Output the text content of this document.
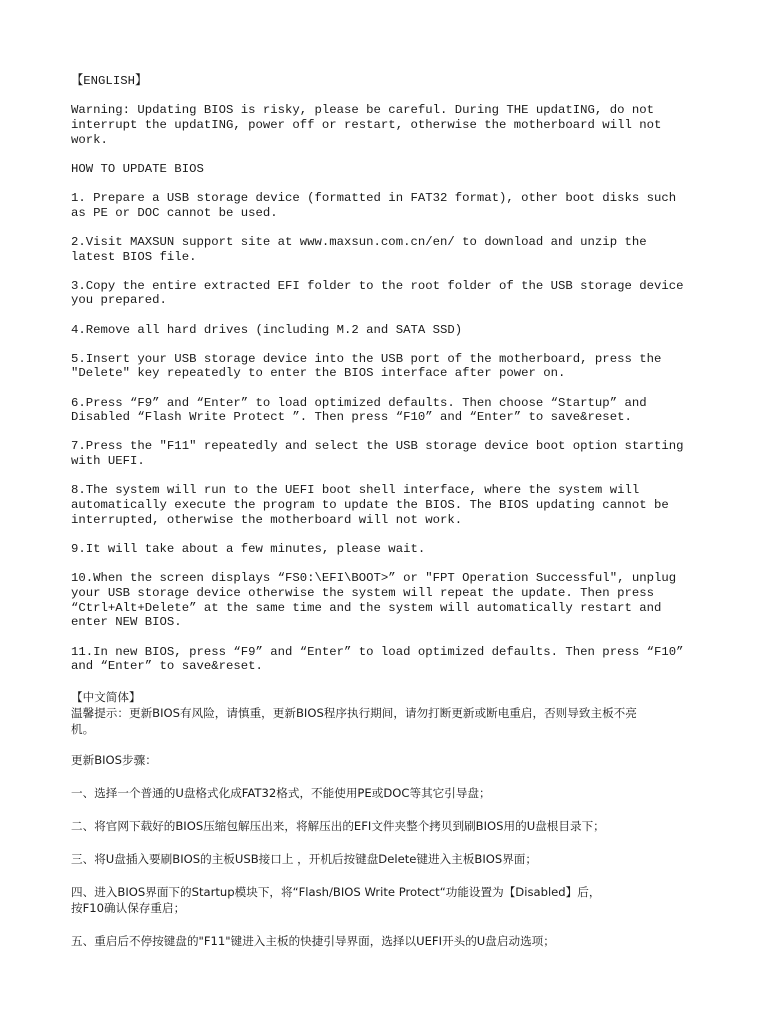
【ENGLISH】

Warning: Updating BIOS is risky, please be careful. During THE updatING, do not
interrupt the updatING, power off or restart, otherwise the motherboard will not
work.

HOW TO UPDATE BIOS

1. Prepare a USB storage device (formatted in FAT32 format), other boot disks such
as PE or DOC cannot be used.

2.Visit MAXSUN support site at www.maxsun.com.cn/en/ to download and unzip the
latest BIOS file.

3.Copy the entire extracted EFI folder to the root folder of the USB storage device
you prepared.

4.Remove all hard drives (including M.2 and SATA SSD)

5.Insert your USB storage device into the USB port of the motherboard, press the
"Delete" key repeatedly to enter the BIOS interface after power on.

6.Press “F9” and “Enter” to load optimized defaults. Then choose “Startup” and
Disabled “Flash Write Protect ”. Then press “F10” and “Enter” to save&reset.

7.Press the "F11" repeatedly and select the USB storage device boot option starting
with UEFI.

8.The system will run to the UEFI boot shell interface, where the system will
automatically execute the program to update the BIOS. The BIOS updating cannot be
interrupted, otherwise the motherboard will not work.

9.It will take about a few minutes, please wait.

10.When the screen displays “FS0:\EFI\BOOT>” or "FPT Operation Successful", unplug
your USB storage device otherwise the system will repeat the update. Then press
“Ctrl+Alt+Delete” at the same time and the system will automatically restart and
enter NEW BIOS.

11.In new BIOS, press “F9” and “Enter” to load optimized defaults. Then press “F10”
and “Enter” to save&reset.

【中文简体】

温馨提示：更新BIOS有风险，请慎重，更新BIOS程序执行期间，请勿打断更新或断电重启，否则导致主板不亮
机。

更新BIOS步骤：

一、选择一个普通的U盘格式化成FAT32格式，不能使用PE或DOC等其它引导盘；

二、将官网下载好的BIOS压缩包解压出来，将解压出的EFI文件夹整个拷贝到刷BIOS用的U盘根目录下；

三、将U盘插入要刷BIOS的主板USB接口上 ，开机后按键盘Delete键进入主板BIOS界面；

四、进入BIOS界面下的Startup模块下，将“Flash/BIOS Write Protect“功能设置为【Disabled】后，
按F10确认保存重启；

五、重启后不停按键盘的"F11"键进入主板的快捷引导界面，选择以UEFI开头的U盘启动选项；
